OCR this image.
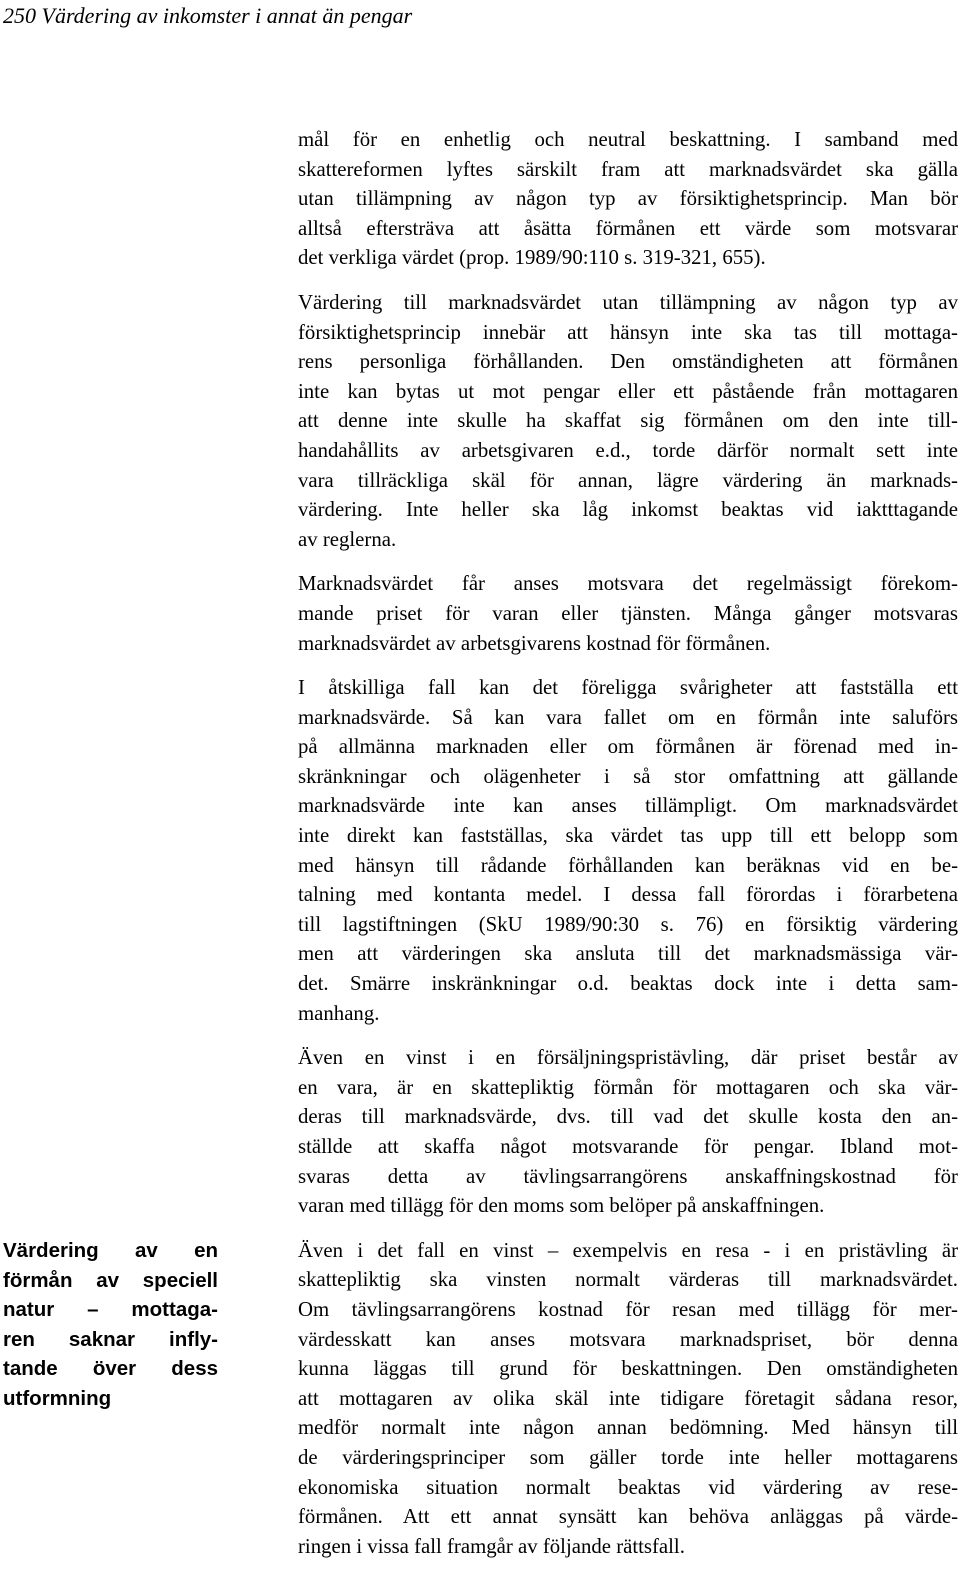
250 Värdering av inkomster i annat än pengar
Värdering av en
förmån av speciell
natur – mottaga-
ren saknar infly-
tande över dess
utformning

mål för en enhetlig och neutral beskattning. I samband med
skattereformen lyftes särskilt fram att marknadsvärdet ska gälla
utan tillämpning av någon typ av försiktighetsprincip. Man bör
alltså eftersträva att åsätta förmånen ett värde som motsvarar
det verkliga värdet (prop. 1989/90:110 s. 319-321, 655).

Värdering till marknadsvärdet utan tillämpning av någon typ av
försiktighetsprincip innebär att hänsyn inte ska tas till mottaga-
rens personliga förhållanden. Den omständigheten att förmånen
inte kan bytas ut mot pengar eller ett påstående från mottagaren
att denne inte skulle ha skaffat sig förmånen om den inte till-
handahållits av arbetsgivaren e.d., torde därför normalt sett inte
vara tillräckliga skäl för annan, lägre värdering än marknads-
värdering. Inte heller ska låg inkomst beaktas vid iaktttagande
av reglerna.

Marknadsvärdet får anses motsvara det regelmässigt förekom-
mande priset för varan eller tjänsten. Många gånger motsvaras
marknadsvärdet av arbetsgivarens kostnad för förmånen.

I åtskilliga fall kan det föreligga svårigheter att fastställa ett
marknadsvärde. Så kan vara fallet om en förmån inte saluförs
på allmänna marknaden eller om förmånen är förenad med in-
skränkningar och olägenheter i så stor omfattning att gällande
marknadsvärde inte kan anses tillämpligt. Om marknadsvärdet
inte direkt kan fastställas, ska värdet tas upp till ett belopp som
med hänsyn till rådande förhållanden kan beräknas vid en be-
talning med kontanta medel. I dessa fall förordas i förarbetena
till lagstiftningen (SkU 1989/90:30 s. 76) en försiktig värdering
men att värderingen ska ansluta till det marknadsmässiga vär-
det. Smärre inskränkningar o.d. beaktas dock inte i detta sam-
manhang.

Även en vinst i en försäljningspristävling, där priset består av
en vara, är en skattepliktig förmån för mottagaren och ska vär-
deras till marknadsvärde, dvs. till vad det skulle kosta den an-
ställde att skaffa något motsvarande för pengar. Ibland mot-
svaras detta av tävlingsarrangörens anskaffningskostnad för
varan med tillägg för den moms som belöper på anskaffningen.

Även i det fall en vinst – exempelvis en resa - i en pristävling är
skattepliktig ska vinsten normalt värderas till marknadsvärdet.
Om tävlingsarrangörens kostnad för resan med tillägg för mer-
värdesskatt kan anses motsvara marknadspriset, bör denna
kunna läggas till grund för beskattningen. Den omständigheten
att mottagaren av olika skäl inte tidigare företagit sådana resor,
medför normalt inte någon annan bedömning. Med hänsyn till
de värderingsprinciper som gäller torde inte heller mottagarens
ekonomiska situation normalt beaktas vid värdering av rese-
förmånen. Att ett annat synsätt kan behöva anläggas på värde-
ringen i vissa fall framgår av följande rättsfall.
